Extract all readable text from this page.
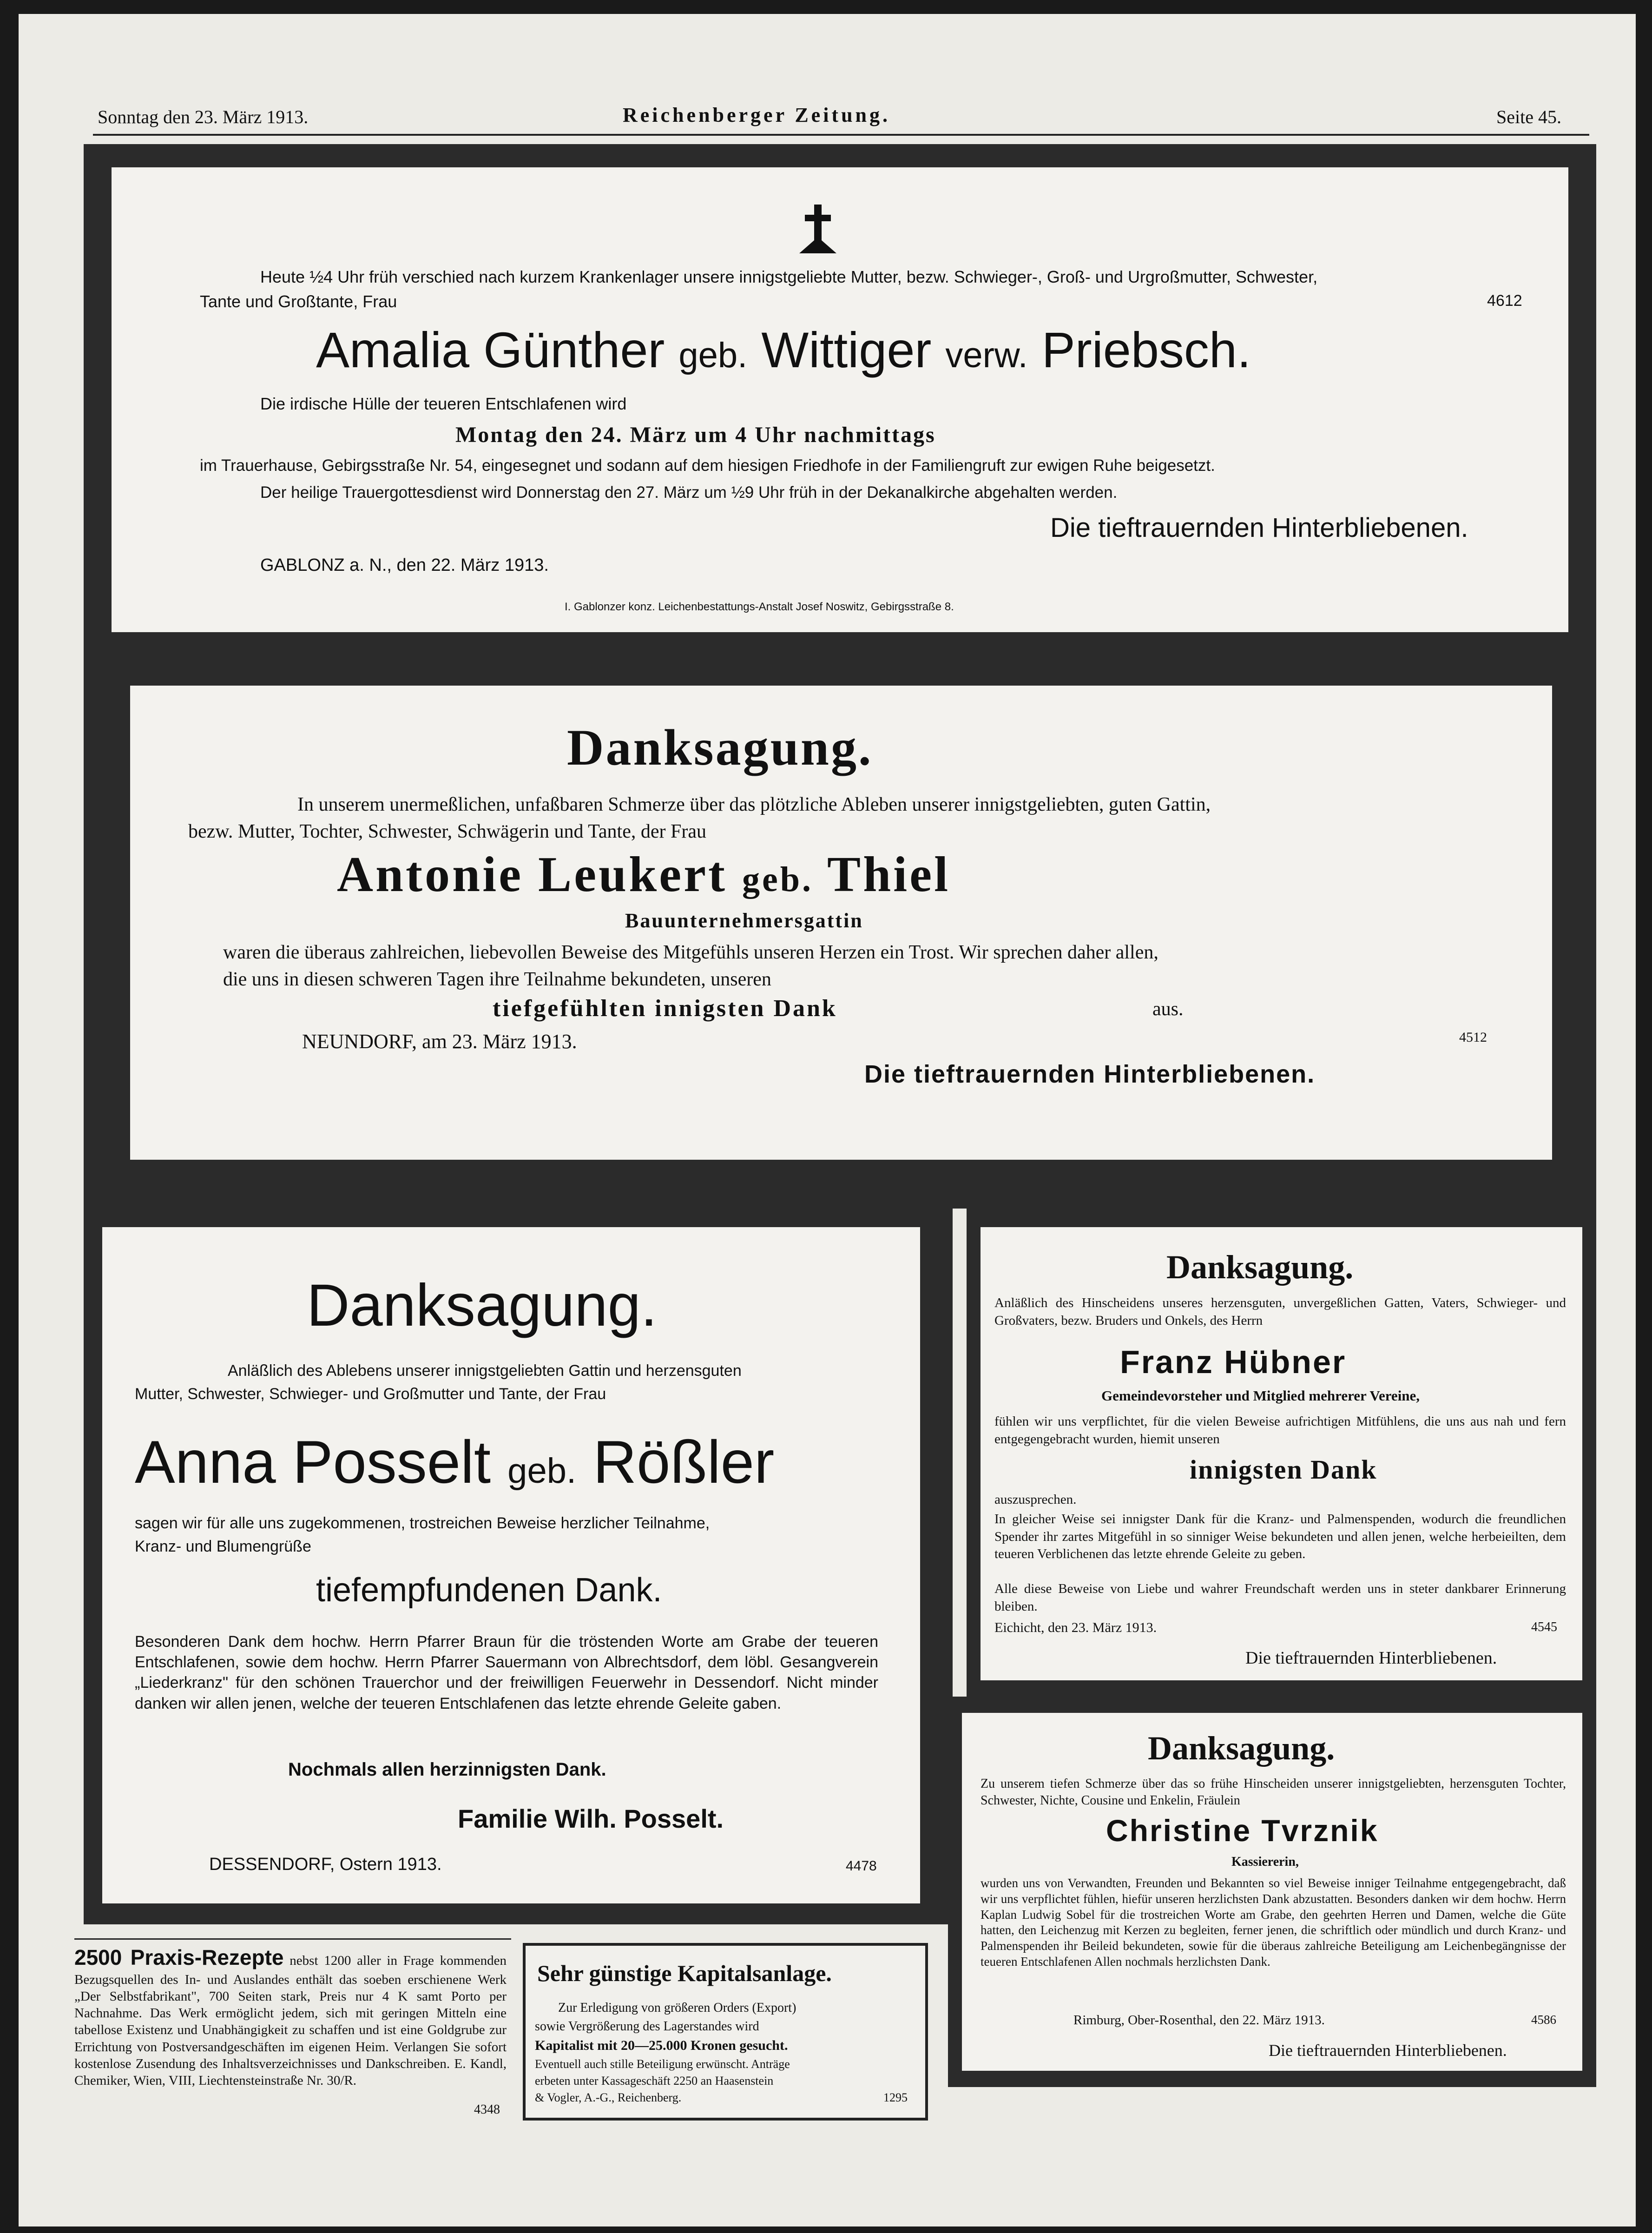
Sonntag den 23. März 1913.	Reichenberger Zeitung.	Seite 45.
Heute ½4 Uhr früh verschied nach kurzem Krankenlager unsere innigstgeliebte Mutter, bezw. Schwieger-, Groß- und Urgroßmutter, Schwester,
Tante und Großtante, Frau	4612
Amalia Günther geb. Wittiger verw. Priebsch.
Die irdische Hülle der teueren Entschlafenen wird
Montag den 24. März um 4 Uhr nachmittags
im Trauerhause, Gebirgsstraße Nr. 54, eingesegnet und sodann auf dem hiesigen Friedhofe in der Familiengruft zur ewigen Ruhe beigesetzt.
Der heilige Trauergottesdienst wird Donnerstag den 27. März um ½9 Uhr früh in der Dekanalkirche abgehalten werden.
Die tieftrauernden Hinterbliebenen.
GABLONZ a. N., den 22. März 1913.
I. Gablonzer konz. Leichenbestattungs-Anstalt Josef Noswitz, Gebirgsstraße 8.
Danksagung.
In unserem unermeßlichen, unfaßbaren Schmerze über das plötzliche Ableben unserer innigstgeliebten, guten Gattin,
bezw. Mutter, Tochter, Schwester, Schwägerin und Tante, der Frau
Antonie Leukert geb. Thiel
Bauunternehmersgattin
waren die überaus zahlreichen, liebevollen Beweise des Mitgefühls unseren Herzen ein Trost. Wir sprechen daher allen,
die uns in diesen schweren Tagen ihre Teilnahme bekundeten, unseren
tiefgefühlten innigsten Dank	aus.
NEUNDORF, am 23. März 1913.	4512
Die tieftrauernden Hinterbliebenen.
Danksagung.
Anläßlich des Ablebens unserer innigstgeliebten Gattin und herzensguten
Mutter, Schwester, Schwieger- und Großmutter und Tante, der Frau
Anna Posselt geb. Rößler
sagen wir für alle uns zugekommenen, trostreichen Beweise herzlicher Teilnahme,
Kranz- und Blumengrüße
tiefempfundenen Dank.
Besonderen Dank dem hochw. Herrn Pfarrer Braun für die tröstenden Worte am Grabe der teueren Entschlafenen, sowie dem hochw. Herrn Pfarrer Sauermann von Albrechtsdorf, dem löbl. Gesangverein „Liederkranz" für den schönen Trauerchor und der freiwilligen Feuerwehr in Dessendorf. Nicht minder danken wir allen jenen, welche der teueren Entschlafenen das letzte ehrende Geleite gaben.
Nochmals allen herzinnigsten Dank.
Familie Wilh. Posselt.
DESSENDORF, Ostern 1913.	4478
Danksagung.
Anläßlich des Hinscheidens unseres herzensguten, unvergeßlichen Gatten, Vaters, Schwieger- und Großvaters, bezw. Bruders und Onkels, des Herrn
Franz Hübner
Gemeindevorsteher und Mitglied mehrerer Vereine,
fühlen wir uns verpflichtet, für die vielen Beweise aufrichtigen Mitfühlens, die uns aus nah und fern entgegengebracht wurden, hiemit unseren
innigsten Dank
auszusprechen.
In gleicher Weise sei innigster Dank für die Kranz- und Palmenspenden, wodurch die freundlichen Spender ihr zartes Mitgefühl in so sinniger Weise bekundeten und allen jenen, welche herbeieilten, dem teueren Verblichenen das letzte ehrende Geleite zu geben.
Alle diese Beweise von Liebe und wahrer Freundschaft werden uns in steter dankbarer Erinnerung bleiben.
Eichicht, den 23. März 1913.	4545
Die tieftrauernden Hinterbliebenen.
Danksagung.
Zu unserem tiefen Schmerze über das so frühe Hinscheiden unserer innigstgeliebten, herzensguten Tochter, Schwester, Nichte, Cousine und Enkelin, Fräulein
Christine Tvrznik
Kassiererin,
wurden uns von Verwandten, Freunden und Bekannten so viel Beweise inniger Teilnahme entgegengebracht, daß wir uns verpflichtet fühlen, hiefür unseren herzlichsten Dank abzustatten. Besonders danken wir dem hochw. Herrn Kaplan Ludwig Sobel für die trostreichen Worte am Grabe, den geehrten Herren und Damen, welche die Güte hatten, den Leichenzug mit Kerzen zu begleiten, ferner jenen, die schriftlich oder mündlich und durch Kranz- und Palmenspenden ihr Beileid bekundeten, sowie für die überaus zahlreiche Beteiligung am Leichenbegängnisse der teueren Entschlafenen Allen nochmals herzlichsten Dank.
Rimburg, Ober-Rosenthal, den 22. März 1913.	4586
Die tieftrauernden Hinterbliebenen.
2500 Praxis-Rezepte nebst 1200 aller in Frage kommenden Bezugsquellen des In- und Auslandes enthält das soeben erschienene Werk „Der Selbstfabrikant", 700 Seiten stark, Preis nur 4 K samt Porto per Nachnahme. Das Werk ermöglicht jedem, sich mit geringen Mitteln eine tabellose Existenz und Unabhängigkeit zu schaffen und ist eine Goldgrube zur Errichtung von Postversandgeschäften im eigenen Heim. Verlangen Sie sofort kostenlose Zusendung des Inhaltsverzeichnisses und Dankschreiben. E. Kandl, Chemiker, Wien, VIII, Liechtensteinstraße Nr. 30/R.
4348
Sehr günstige Kapitalsanlage.
Zur Erledigung von größeren Orders (Export)
sowie Vergrößerung des Lagerstandes wird
Kapitalist mit 20—25.000 Kronen gesucht.
Eventuell auch stille Beteiligung erwünscht. Anträge
erbeten unter Kassageschäft 2250 an Haasenstein
& Vogler, A.-G., Reichenberg.	1295
